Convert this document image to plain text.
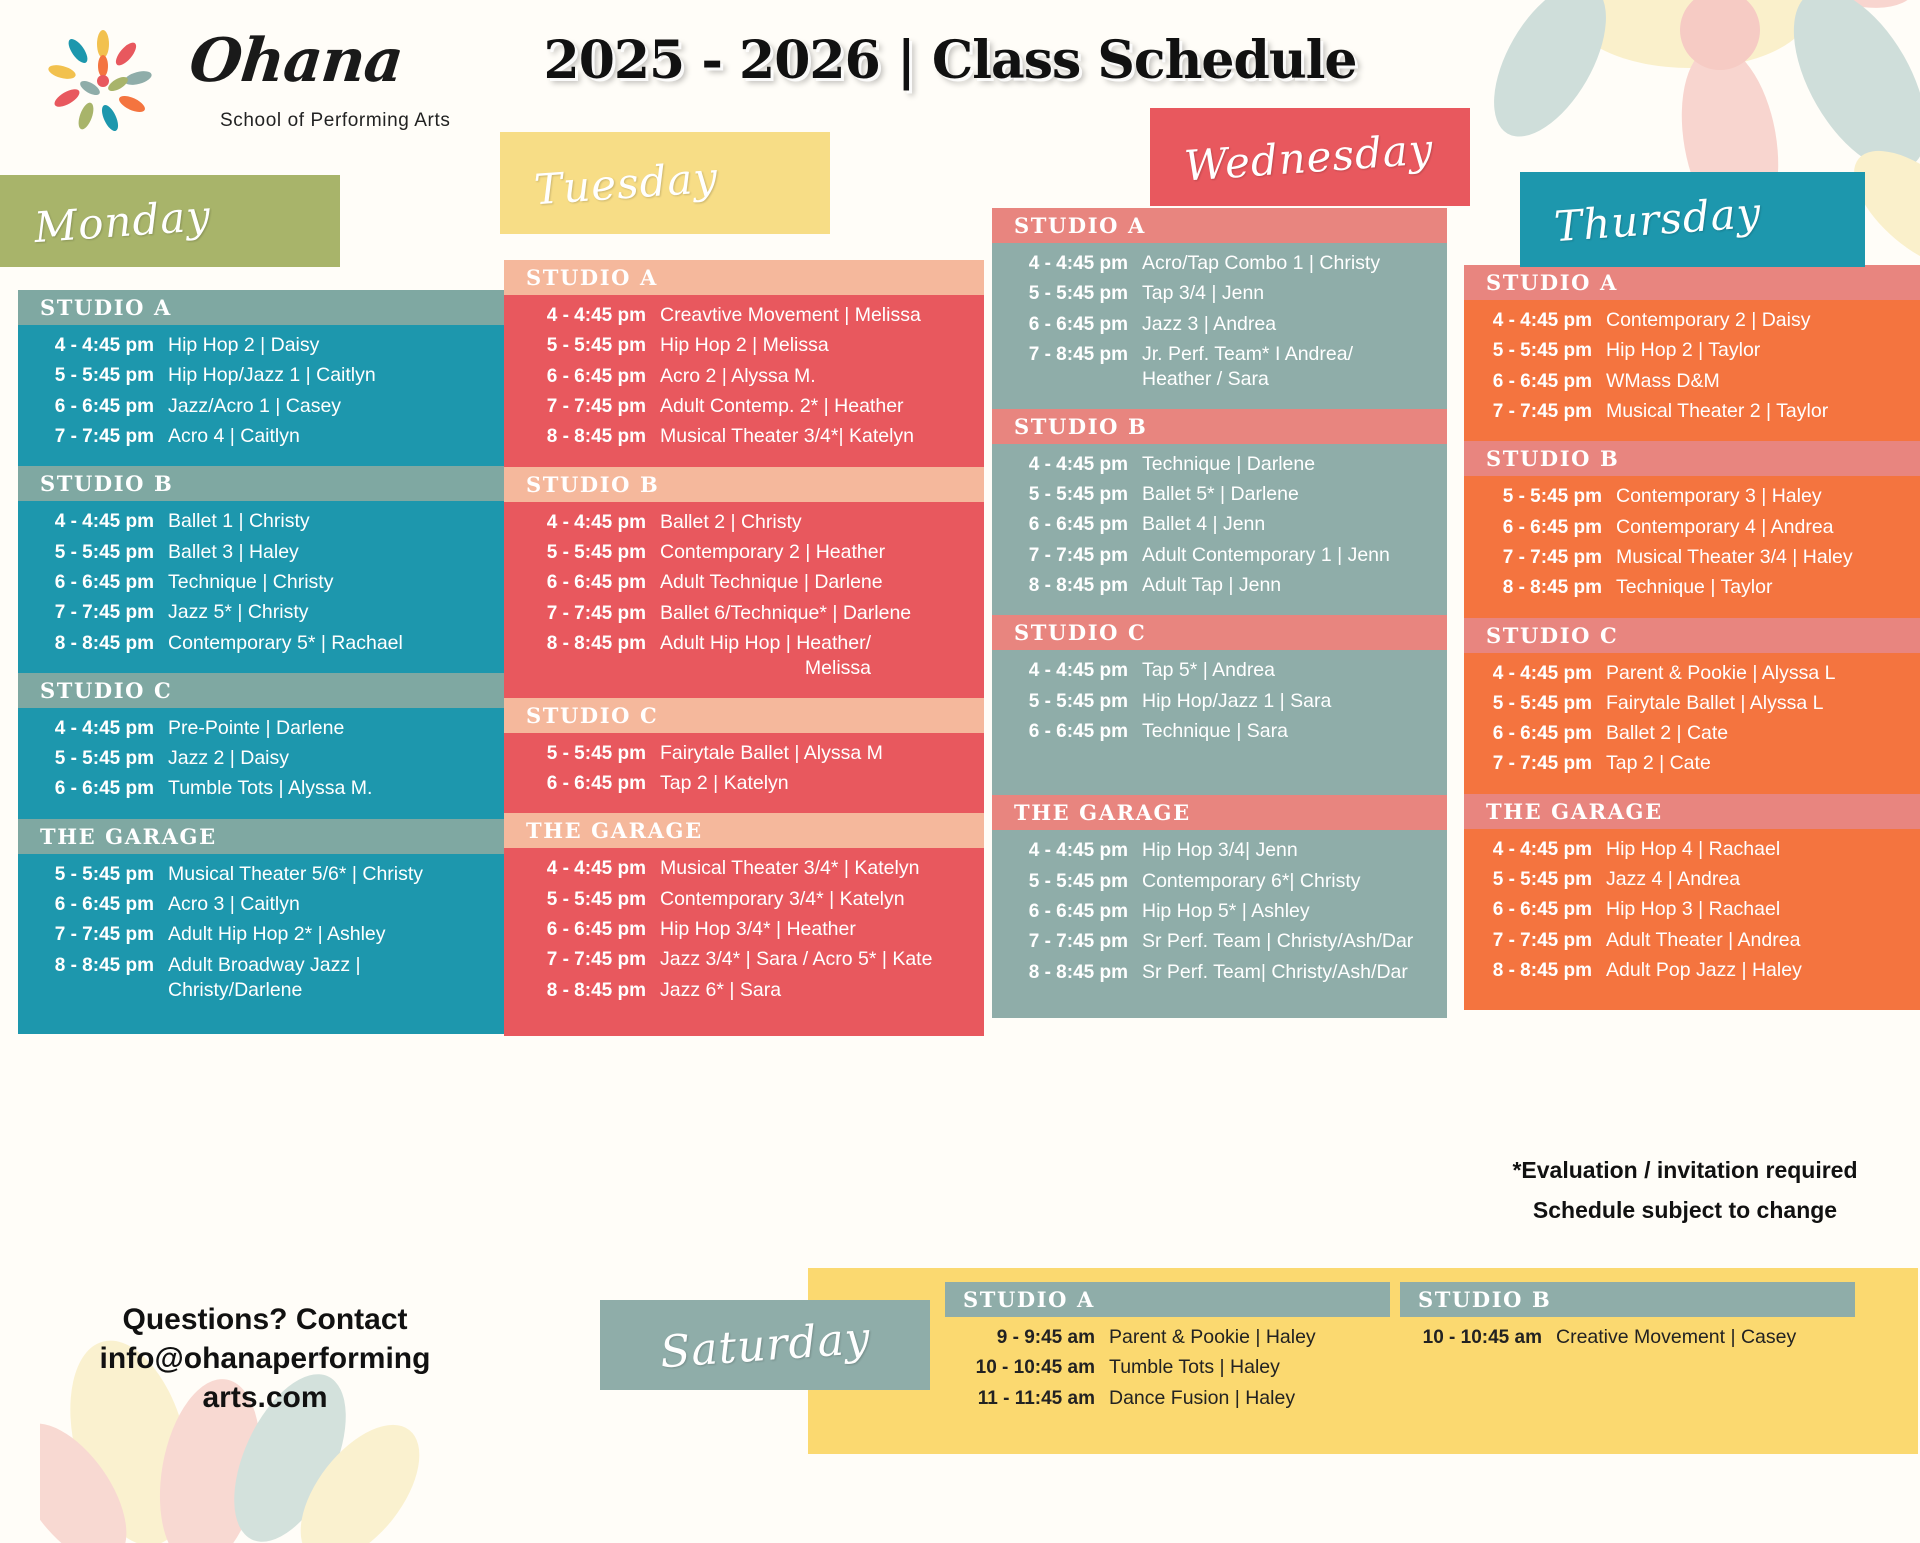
Ohana
School of Performing Arts
2025 - 2026 | Class Schedule
Monday
STUDIO A
4 - 4:45 pm Hip Hop 2 | Daisy
5 - 5:45 pm Hip Hop/Jazz 1 | Caitlyn
6 - 6:45 pm Jazz/Acro 1 | Casey
7 - 7:45 pm Acro 4 | Caitlyn
STUDIO B
4 - 4:45 pm Ballet 1 | Christy
5 - 5:45 pm Ballet 3 | Haley
6 - 6:45 pm Technique | Christy
7 - 7:45 pm Jazz 5* | Christy
8 - 8:45 pm Contemporary 5* | Rachael
STUDIO C
4 - 4:45 pm Pre-Pointe | Darlene
5 - 5:45 pm Jazz 2 | Daisy
6 - 6:45 pm Tumble Tots | Alyssa M.
THE GARAGE
5 - 5:45 pm Musical Theater 5/6* | Christy
6 - 6:45 pm Acro 3 | Caitlyn
7 - 7:45 pm Adult Hip Hop 2* | Ashley
8 - 8:45 pm Adult Broadway Jazz |
Christy/Darlene
Tuesday
STUDIO A
4 - 4:45 pm Creavtive Movement | Melissa
5 - 5:45 pm Hip Hop 2 | Melissa
6 - 6:45 pm Acro 2 | Alyssa M.
7 - 7:45 pm Adult Contemp. 2* | Heather
8 - 8:45 pm Musical Theater 3/4*| Katelyn
STUDIO B
4 - 4:45 pm Ballet 2 | Christy
5 - 5:45 pm Contemporary 2 | Heather
6 - 6:45 pm Adult Technique | Darlene
7 - 7:45 pm Ballet 6/Technique* | Darlene
8 - 8:45 pm Adult Hip Hop | Heather/
Melissa
STUDIO C
5 - 5:45 pm Fairytale Ballet | Alyssa M
6 - 6:45 pm Tap 2 | Katelyn
THE GARAGE
4 - 4:45 pm Musical Theater 3/4* | Katelyn
5 - 5:45 pm Contemporary 3/4* | Katelyn
6 - 6:45 pm Hip Hop 3/4* | Heather
7 - 7:45 pm Jazz 3/4* | Sara / Acro 5* | Kate
8 - 8:45 pm Jazz 6* | Sara
STUDIO A
4 - 4:45 pm Acro/Tap Combo 1 | Christy
5 - 5:45 pm Tap 3/4 | Jenn
6 - 6:45 pm Jazz 3 | Andrea
7 - 8:45 pm Jr. Perf. Team* I Andrea/
Heather / Sara
STUDIO B
4 - 4:45 pm Technique | Darlene
5 - 5:45 pm Ballet 5* | Darlene
6 - 6:45 pm Ballet 4 | Jenn
7 - 7:45 pm Adult Contemporary 1 | Jenn
8 - 8:45 pm Adult Tap | Jenn
STUDIO C
4 - 4:45 pm Tap 5* | Andrea
5 - 5:45 pm Hip Hop/Jazz 1 | Sara
6 - 6:45 pm Technique | Sara
THE GARAGE
4 - 4:45 pm Hip Hop 3/4| Jenn
5 - 5:45 pm Contemporary 6*| Christy
6 - 6:45 pm Hip Hop 5* | Ashley
7 - 7:45 pm Sr Perf. Team | Christy/Ash/Dar
8 - 8:45 pm Sr Perf. Team| Christy/Ash/Dar
Wednesday
STUDIO A
4 - 4:45 pm Contemporary 2 | Daisy
5 - 5:45 pm Hip Hop 2 | Taylor
6 - 6:45 pm WMass D&M
7 - 7:45 pm Musical Theater 2 | Taylor
STUDIO B
5 - 5:45 pm Contemporary 3 | Haley
6 - 6:45 pm Contemporary 4 | Andrea
7 - 7:45 pm Musical Theater 3/4 | Haley
8 - 8:45 pm Technique | Taylor
STUDIO C
4 - 4:45 pm Parent & Pookie | Alyssa L
5 - 5:45 pm Fairytale Ballet | Alyssa L
6 - 6:45 pm Ballet 2 | Cate
7 - 7:45 pm Tap 2 | Cate
THE GARAGE
4 - 4:45 pm Hip Hop 4 | Rachael
5 - 5:45 pm Jazz 4 | Andrea
6 - 6:45 pm Hip Hop 3 | Rachael
7 - 7:45 pm Adult Theater | Andrea
8 - 8:45 pm Adult Pop Jazz | Haley
Thursday
*Evaluation / invitation required
Schedule subject to change
Saturday
STUDIO A
9 - 9:45 am Parent & Pookie | Haley
10 - 10:45 am Tumble Tots | Haley
11 - 11:45 am Dance Fusion | Haley
STUDIO B
10 - 10:45 am Creative Movement | Casey
Questions? Contact
info@ohanaperforming
arts.com
